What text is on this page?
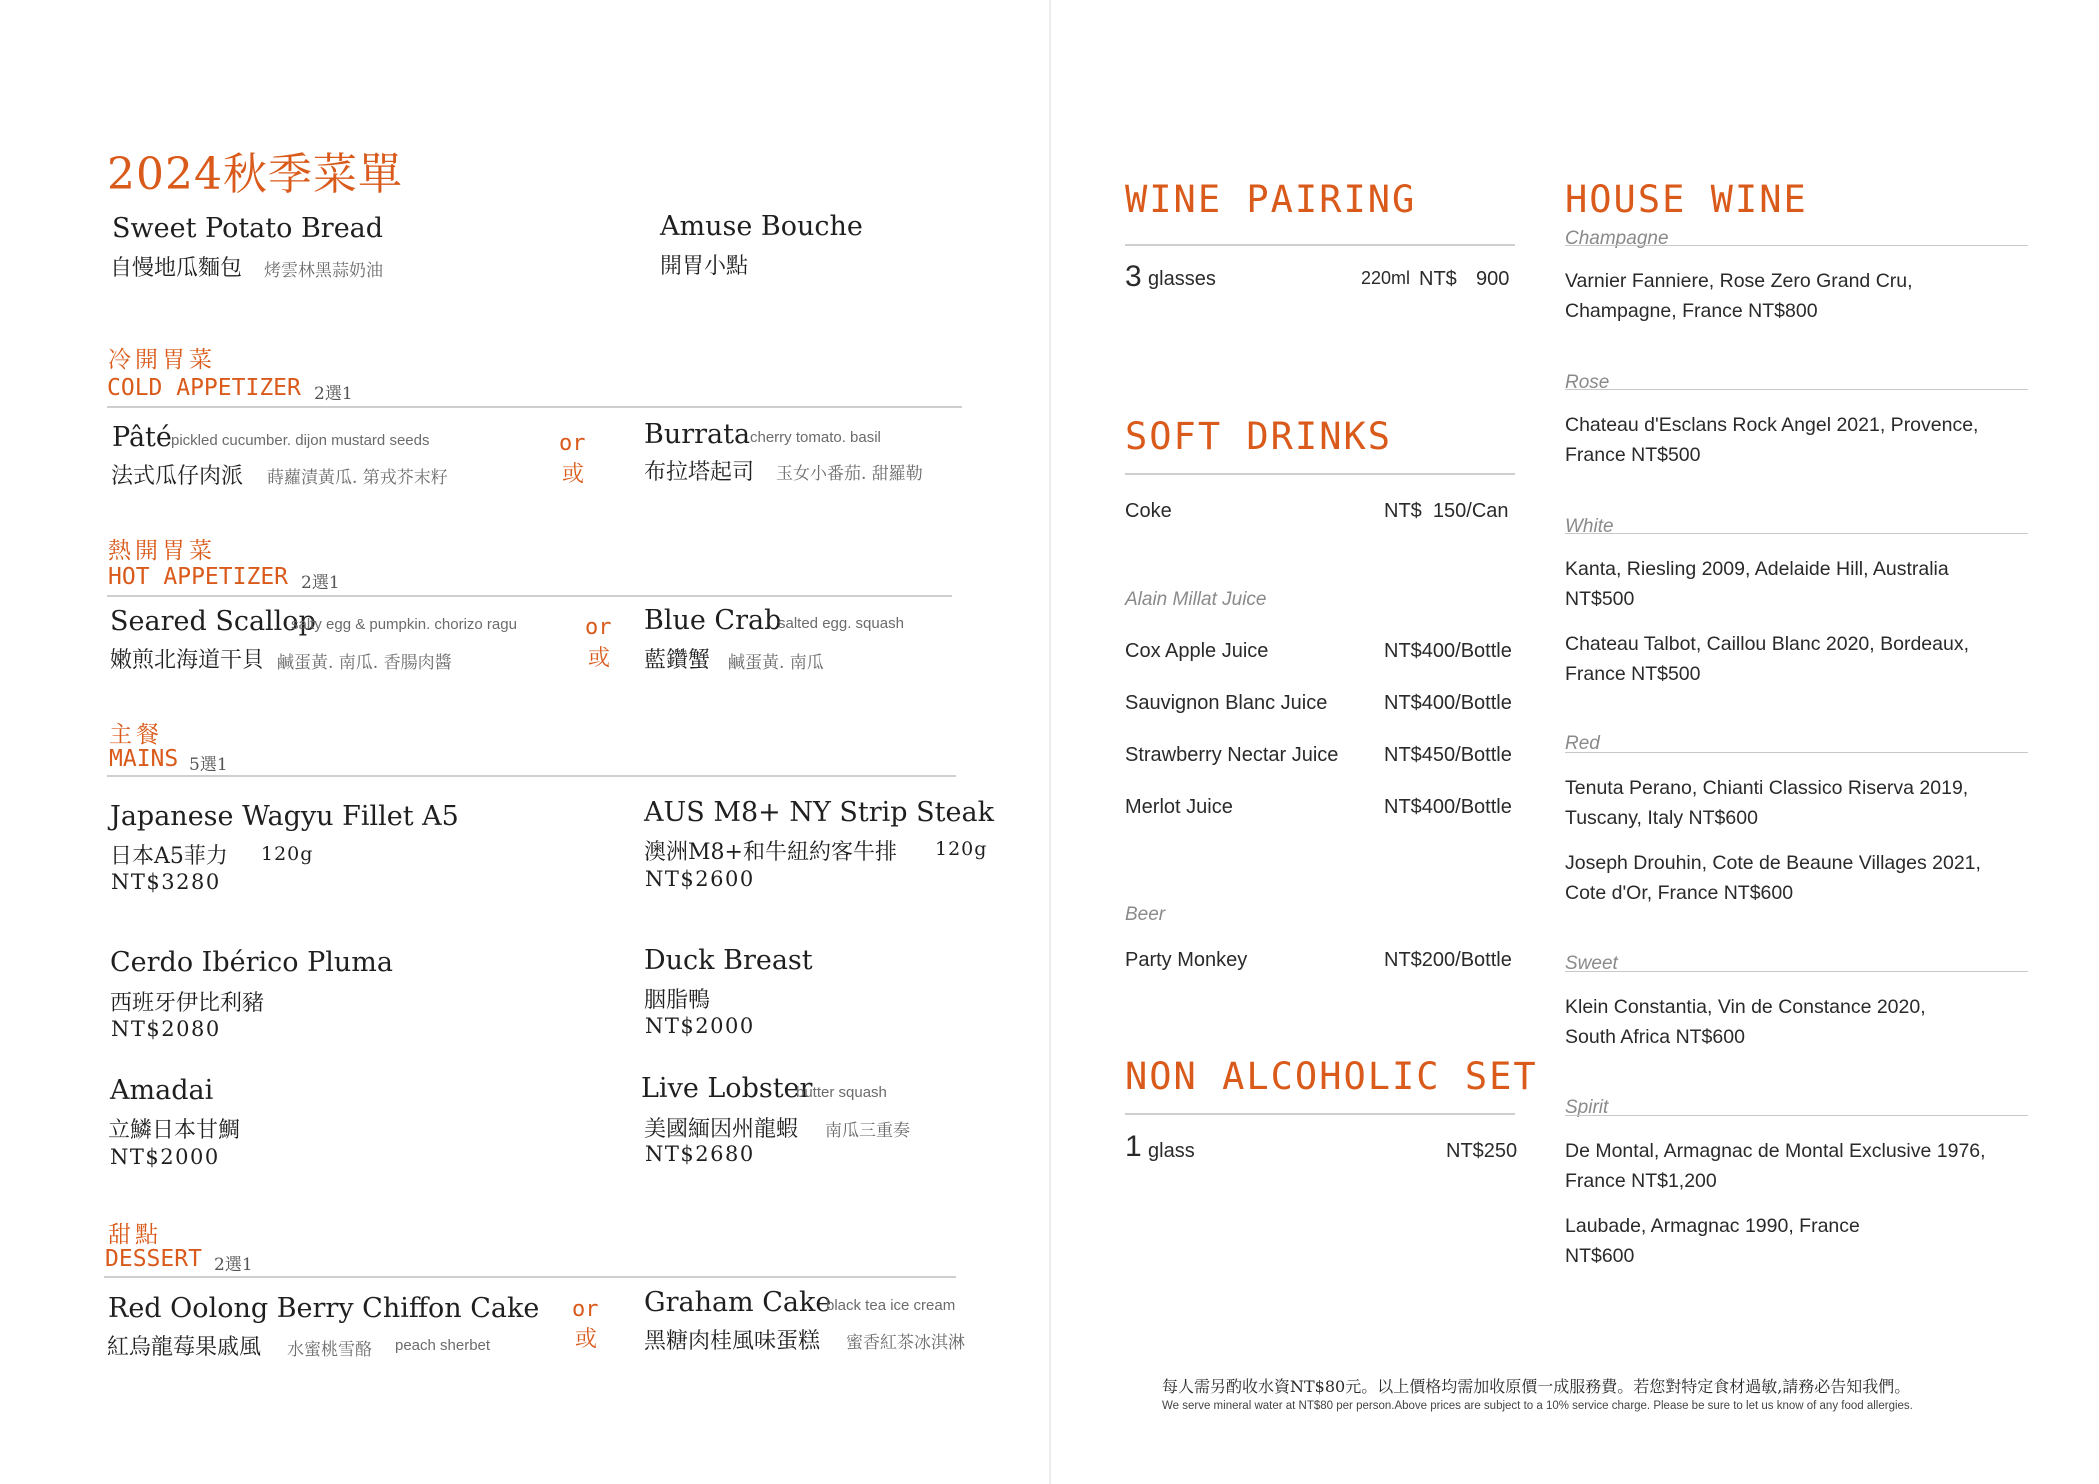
2024秋季菜單
Sweet Potato Bread
自慢地瓜麵包 烤雲林黑蒜奶油
Amuse Bouche
開胃小點
冷開胃菜
COLD APPETIZER 2選1
Pâté pickled cucumber. dijon mustard seeds
法式瓜仔肉派 蒔蘿漬黃瓜. 第戎芥末籽
or
或
Burrata cherry tomato. basil
布拉塔起司 玉女小番茄. 甜羅勒
熱開胃菜
HOT APPETIZER 2選1
Seared Scallop
salty egg & pumpkin. chorizo ragu
嫩煎北海道干貝 鹹蛋黃. 南瓜. 香腸肉醬
or
或
Blue Crab
salted egg. squash
藍鑽蟹 鹹蛋黃. 南瓜
主餐
MAINS 5選1
Japanese Wagyu Fillet A5
日本A5菲力 120g
NT$3280
AUS M8+ NY Strip Steak
澳洲M8+和牛紐約客牛排 120g
NT$2600
Cerdo Ibérico Pluma
西班牙伊比利豬
NT$2080
Duck Breast
胭脂鴨
NT$2000
Amadai
立鱗日本甘鯛
NT$2000
Live Lobster
butter squash
美國緬因州龍蝦 南瓜三重奏
NT$2680
甜點
DESSERT 2選1
Red Oolong Berry Chiffon Cake
紅烏龍莓果戚風 水蜜桃雪酪 peach sherbet
or
或
Graham Cake
black tea ice cream
黑糖肉桂風味蛋糕 蜜香紅茶冰淇淋
WINE PAIRING
3 glasses	220ml NT$ 900
SOFT DRINKS
Coke	NT$  150/Can
Alain Millat Juice
Cox Apple Juice	NT$400/Bottle
Sauvignon Blanc Juice	NT$400/Bottle
Strawberry Nectar Juice NT$450/Bottle
Merlot Juice	NT$400/Bottle
Beer
Party Monkey	NT$200/Bottle
NON ALCOHOLIC SET
1 glass	NT$250
HOUSE WINE
Champagne
Varnier Fanniere, Rose Zero Grand Cru,
Champagne, France NT$800
Rose
Chateau d'Esclans Rock Angel 2021, Provence,
France NT$500
White
Kanta, Riesling 2009, Adelaide Hill, Australia
NT$500
Chateau Talbot, Caillou Blanc 2020, Bordeaux,
France NT$500
Red
Tenuta Perano, Chianti Classico Riserva 2019,
Tuscany, Italy NT$600
Joseph Drouhin, Cote de Beaune Villages 2021,
Cote d'Or, France NT$600
Sweet
Klein Constantia, Vin de Constance 2020,
South Africa NT$600
Spirit
De Montal, Armagnac de Montal Exclusive 1976,
France NT$1,200
Laubade, Armagnac 1990, France
NT$600
每人需另酌收水資NT$80元。以上價格均需加收原價一成服務費。若您對特定食材過敏,請務必告知我們。
We serve mineral water at NT$80 per person.Above prices are subject to a 10% service charge. Please be sure to let us know of any food allergies.
